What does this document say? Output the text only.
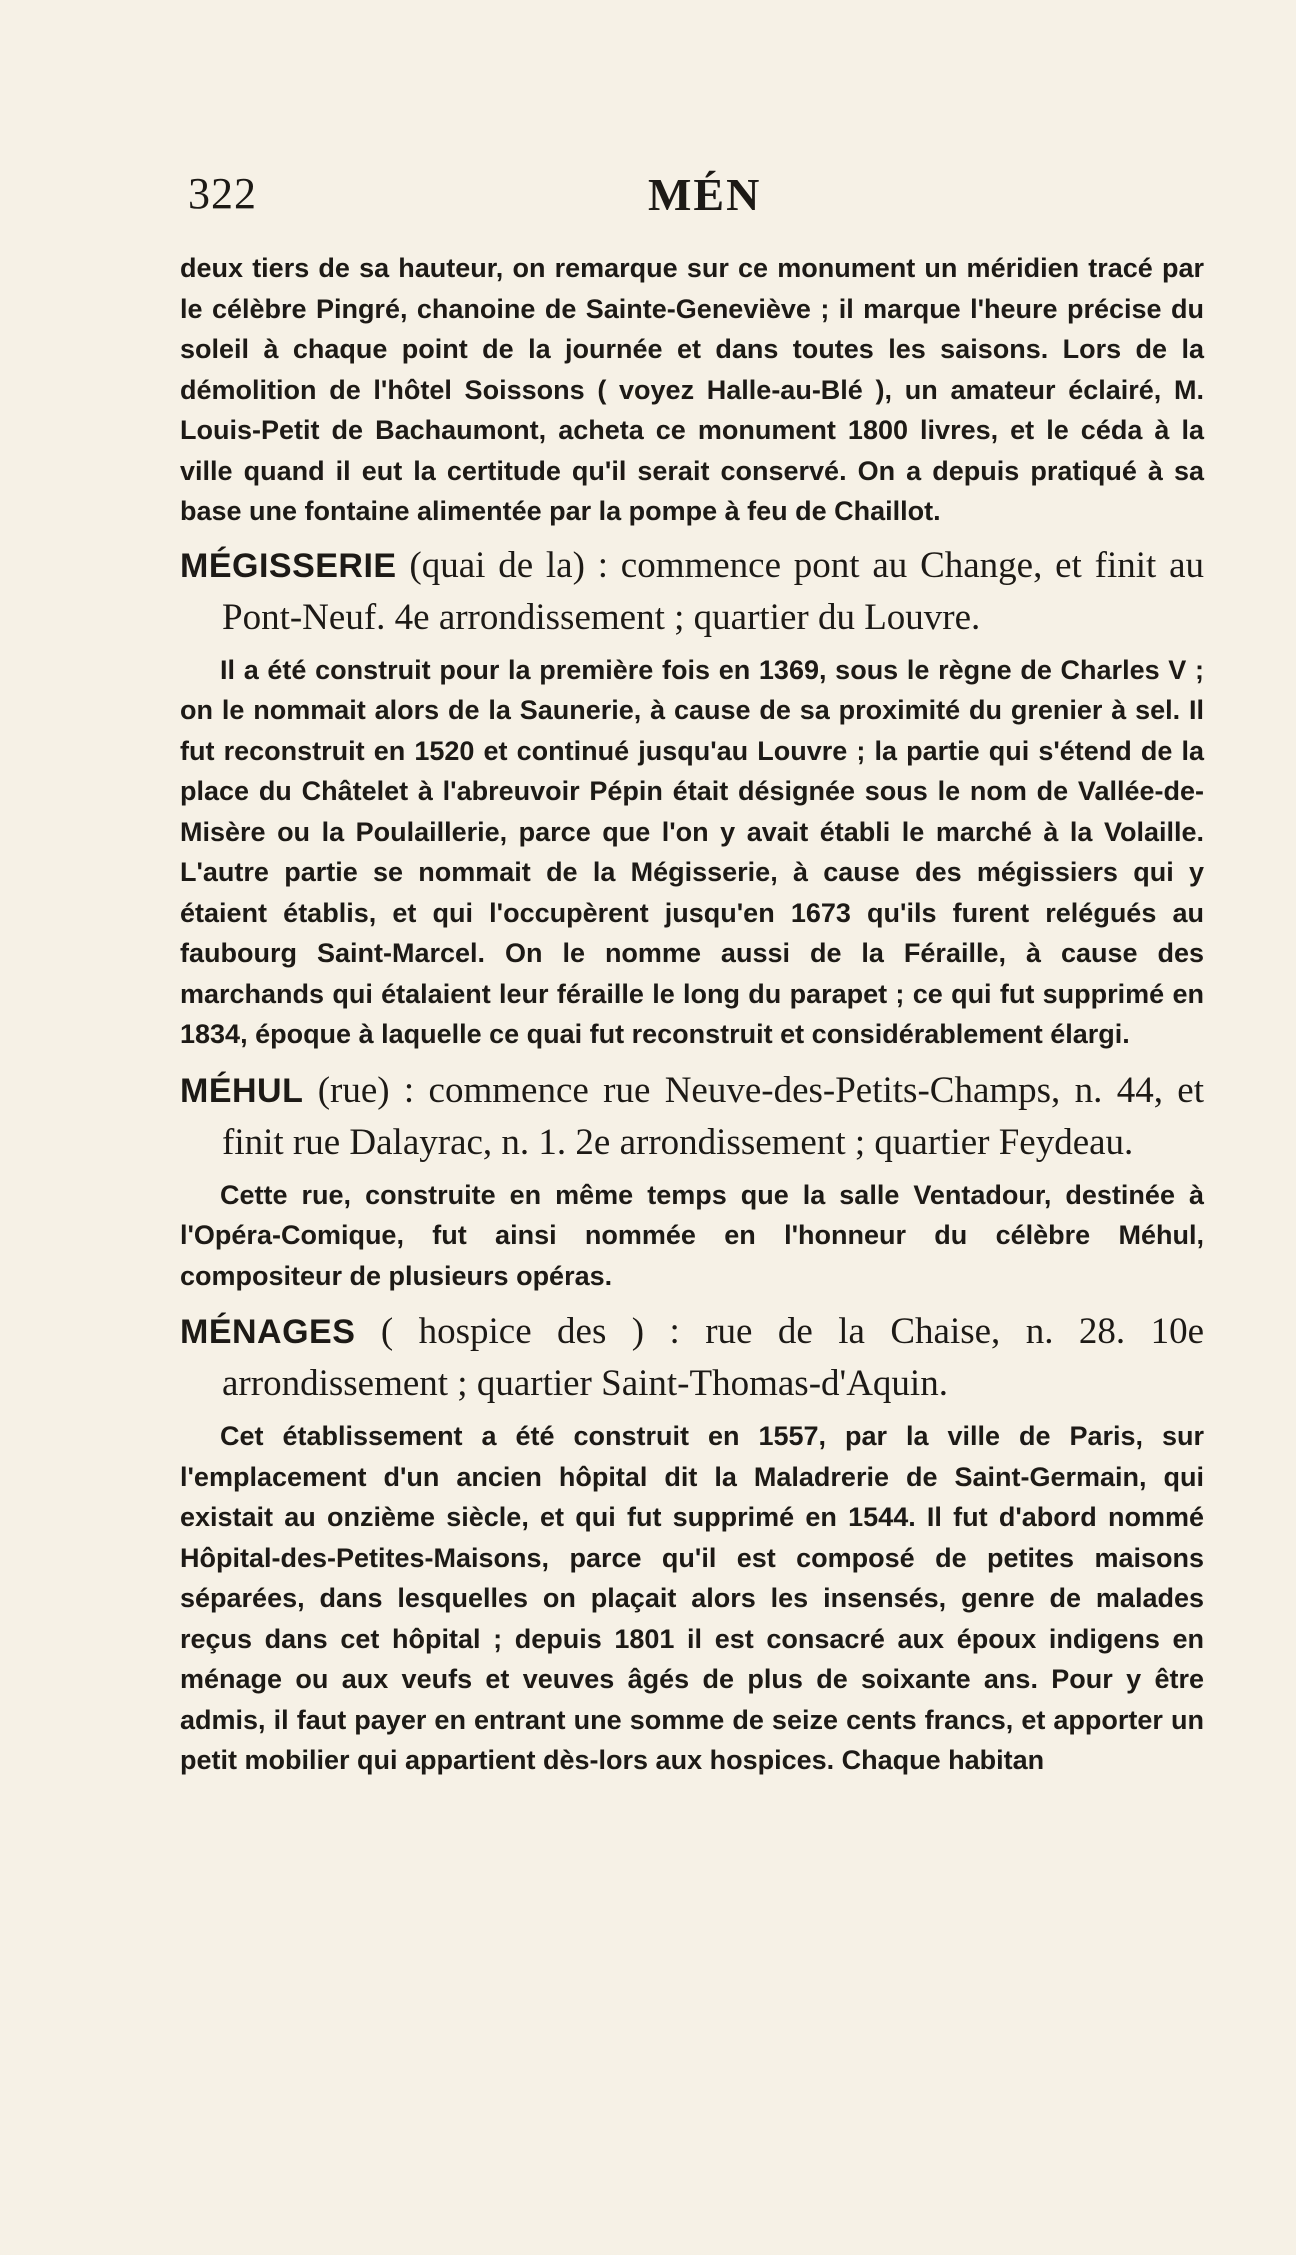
322	MÉN

deux tiers de sa hauteur, on remarque sur ce monument un méridien tracé par le célèbre Pingré, chanoine de Sainte-Geneviève ; il marque l'heure précise du soleil à chaque point de la journée et dans toutes les saisons. Lors de la démolition de l'hôtel Soissons ( voyez Halle-au-Blé ), un amateur éclairé, M. Louis-Petit de Bachaumont, acheta ce monument 1800 livres, et le céda à la ville quand il eut la certitude qu'il serait conservé. On a depuis pratiqué à sa base une fontaine alimentée par la pompe à feu de Chaillot.

MÉGISSERIE (quai de la) : commence pont au Change, et finit au Pont-Neuf. 4e arrondissement ; quartier du Louvre.

Il a été construit pour la première fois en 1369, sous le règne de Charles V ; on le nommait alors de la Saunerie, à cause de sa proximité du grenier à sel. Il fut reconstruit en 1520 et continué jusqu'au Louvre ; la partie qui s'étend de la place du Châtelet à l'abreuvoir Pépin était désignée sous le nom de Vallée-de-Misère ou la Poulaillerie, parce que l'on y avait établi le marché à la Volaille. L'autre partie se nommait de la Mégisserie, à cause des mégissiers qui y étaient établis, et qui l'occupèrent jusqu'en 1673 qu'ils furent relégués au faubourg Saint-Marcel. On le nomme aussi de la Féraille, à cause des marchands qui étalaient leur féraille le long du parapet ; ce qui fut supprimé en 1834, époque à laquelle ce quai fut reconstruit et considérablement élargi.

MÉHUL (rue) : commence rue Neuve-des-Petits-Champs, n. 44, et finit rue Dalayrac, n. 1. 2e arrondissement ; quartier Feydeau.

Cette rue, construite en même temps que la salle Ventadour, destinée à l'Opéra-Comique, fut ainsi nommée en l'honneur du célèbre Méhul, compositeur de plusieurs opéras.

MÉNAGES ( hospice des ) : rue de la Chaise, n. 28. 10e arrondissement ; quartier Saint-Thomas-d'Aquin.

Cet établissement a été construit en 1557, par la ville de Paris, sur l'emplacement d'un ancien hôpital dit la Maladrerie de Saint-Germain, qui existait au onzième siècle, et qui fut supprimé en 1544. Il fut d'abord nommé Hôpital-des-Petites-Maisons, parce qu'il est composé de petites maisons séparées, dans lesquelles on plaçait alors les insensés, genre de malades reçus dans cet hôpital ; depuis 1801 il est consacré aux époux indigens en ménage ou aux veufs et veuves âgés de plus de soixante ans. Pour y être admis, il faut payer en entrant une somme de seize cents francs, et apporter un petit mobilier qui appartient dès-lors aux hospices. Chaque habitan
